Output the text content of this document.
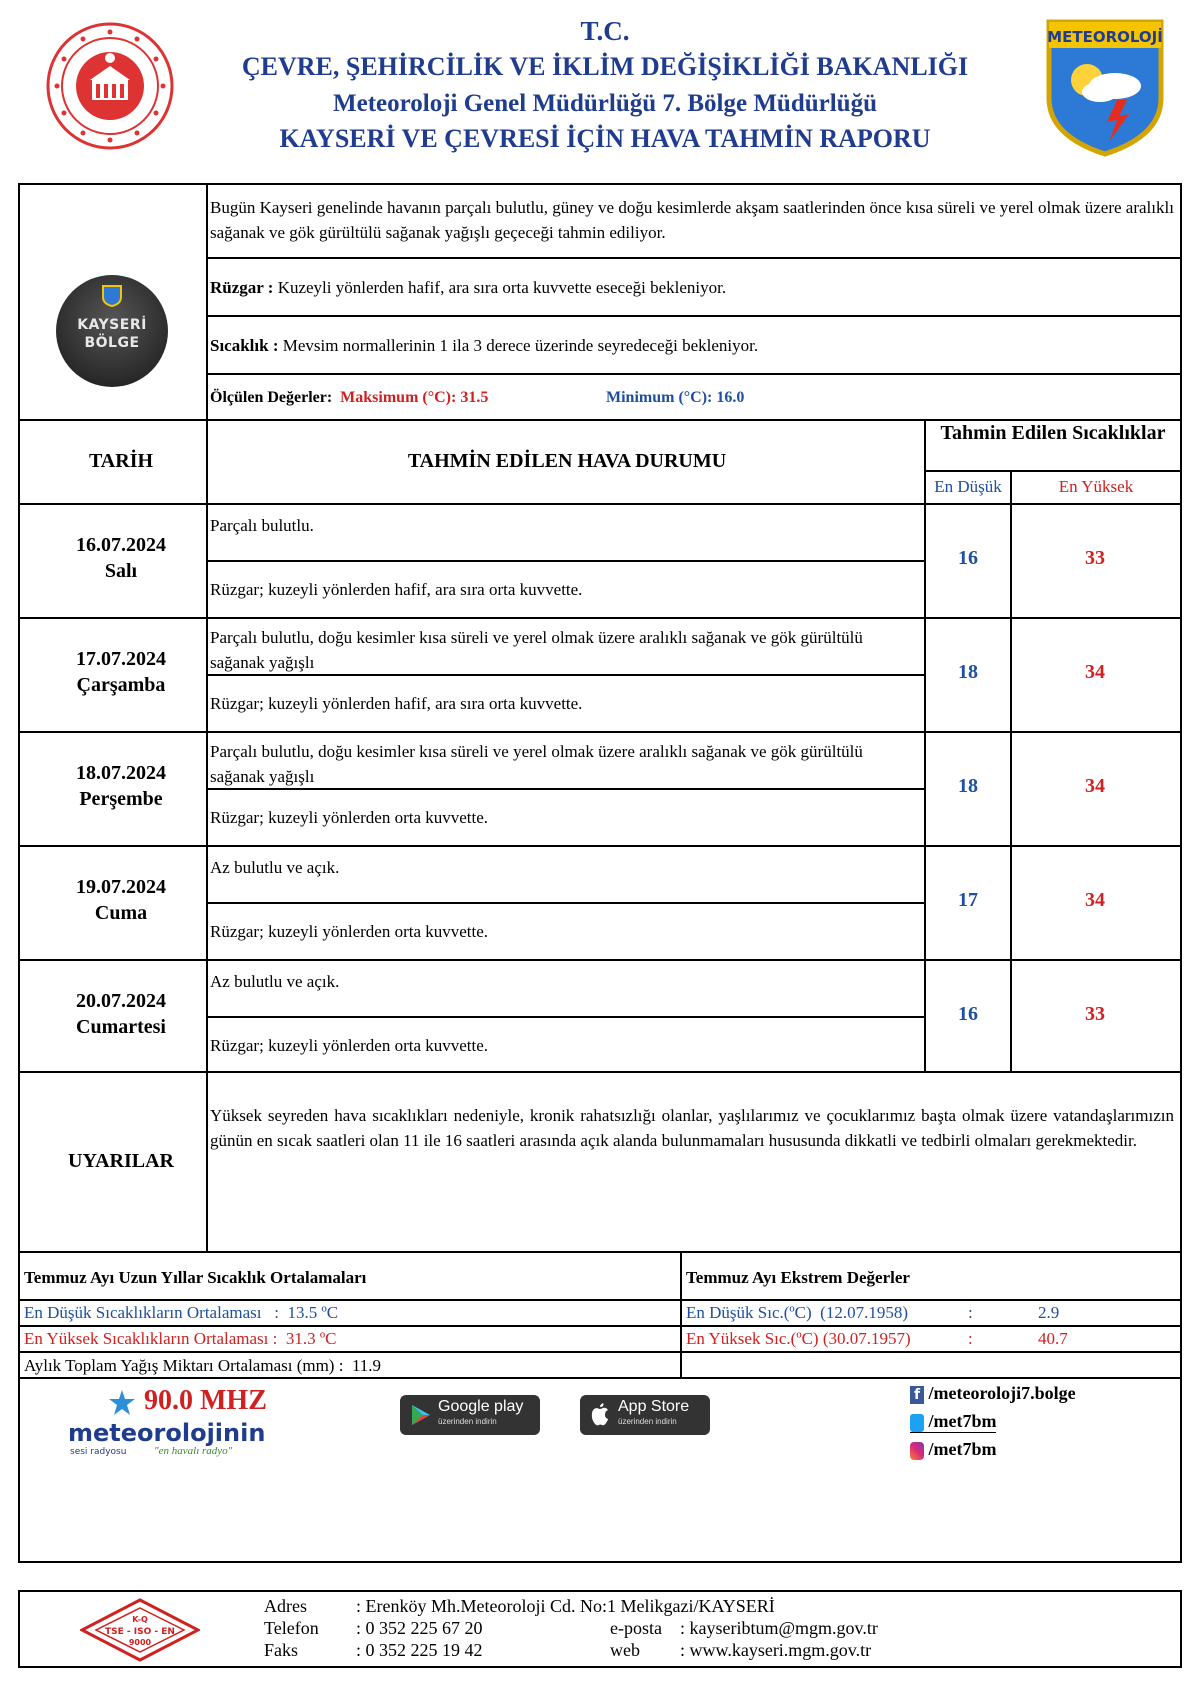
T.C.
ÇEVRE, ŞEHİRCİLİK VE İKLİM DEĞİŞİKLİĞİ BAKANLIĞI
Meteoroloji Genel Müdürlüğü 7. Bölge Müdürlüğü
KAYSERİ VE ÇEVRESİ İÇİN HAVA TAHMİN RAPORU
METEOROLOJİ
KAYSERİ
BÖLGE
Bugün Kayseri genelinde havanın parçalı bulutlu, güney ve doğu kesimlerde akşam saatlerinden önce kısa süreli ve yerel olmak üzere aralıklı sağanak ve gök gürültülü sağanak yağışlı geçeceği tahmin ediliyor.
Rüzgar : Kuzeyli yönlerden hafif, ara sıra orta kuvvette eseceği bekleniyor.
Sıcaklık : Mevsim normallerinin 1 ila 3 derece üzerinde seyredeceği bekleniyor.
Ölçülen Değerler: Maksimum (°C): 31.5	Minimum (°C): 16.0
TARİH	TAHMİN EDİLEN HAVA DURUMU
Tahmin Edilen Sıcaklıklar
En Düşük	En Yüksek
16.07.2024
Salı
Parçalı bulutlu.
Rüzgar; kuzeyli yönlerden hafif, ara sıra orta kuvvette.
16	33
17.07.2024
Çarşamba
Parçalı bulutlu, doğu kesimler kısa süreli ve yerel olmak üzere aralıklı sağanak ve gök gürültülü sağanak yağışlı
Rüzgar; kuzeyli yönlerden hafif, ara sıra orta kuvvette.
18	34
18.07.2024
Perşembe
Parçalı bulutlu, doğu kesimler kısa süreli ve yerel olmak üzere aralıklı sağanak ve gök gürültülü sağanak yağışlı
Rüzgar; kuzeyli yönlerden orta kuvvette.
18	34
19.07.2024
Cuma
Az bulutlu ve açık.
Rüzgar; kuzeyli yönlerden orta kuvvette.
17	34
20.07.2024
Cumartesi
Az bulutlu ve açık.
Rüzgar; kuzeyli yönlerden orta kuvvette.
16	33
UYARILAR
Yüksek seyreden hava sıcaklıkları nedeniyle, kronik rahatsızlığı olanlar, yaşlılarımız ve çocuklarımız başta olmak üzere vatandaşlarımızın günün en sıcak saatleri olan 11 ile 16 saatleri arasında açık alanda bulunmamaları hususunda dikkatli ve tedbirli olmaları gerekmektedir.
Temmuz Ayı Uzun Yıllar Sıcaklık Ortalamaları	Temmuz Ayı Ekstrem Değerler
En Düşük Sıcaklıkların Ortalaması   :  13.5 ºC	En Düşük Sıc.(ºC)  (12.07.1958)	:	2.9
En Yüksek Sıcaklıkların Ortalaması :  31.3 ºC	En Yüksek Sıc.(ºC) (30.07.1957)	:	40.7
Aylık Toplam Yağış Miktarı Ortalaması (mm) :  11.9
90.0 MHZ
meteorolojinin
sesi radyosu	"en havalı radyo"
Google play
üzerinden indirin
App Store
üzerinden indirin
f /meteoroloji7.bolge
/met7bm
/met7bm
K-Q
TSE - ISO - EN
9000
Adres	: Erenköy Mh.Meteoroloji Cd. No:1 Melikgazi/KAYSERİ
Telefon : 0 352 225 67 20
Faks	: 0 352 225 19 42
e-posta : kayseribtum@mgm.gov.tr
web : www.kayseri.mgm.gov.tr
